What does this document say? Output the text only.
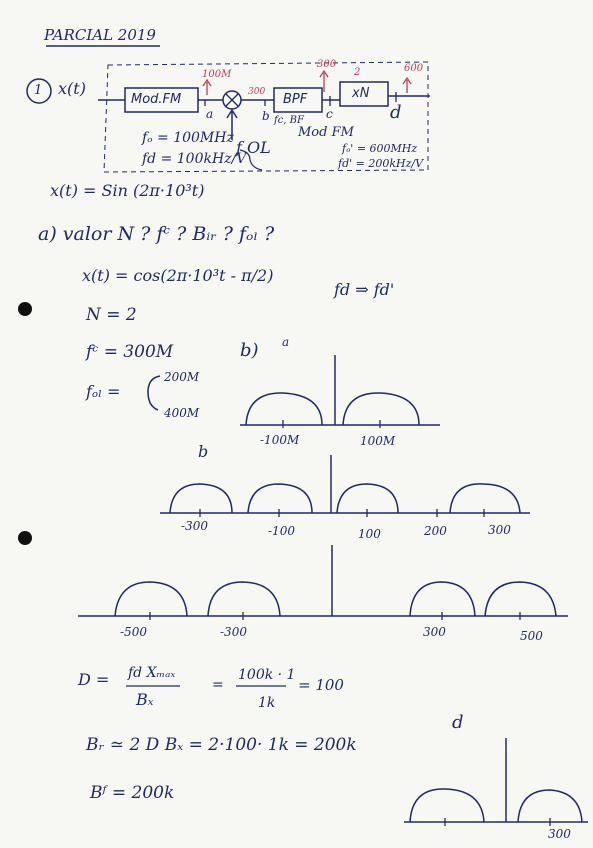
PARCIAL 2019
1 x(t)
Mod.FM	BPF	xN
a	b	c	d
100M
300
300
2	600
fc, BF
fₒ = 100MHz
fd = 100kHz/V
f OL
Mod FM
fₒ' = 600MHz
fd' = 200kHz/V
x(t) = Sin (2π·10³t)
a) valor N ? fᶜ ? Bᵢᵣ ? fₒₗ ?
x(t) = cos(2π·10³t - π/2)
fd ⇒ fd'
N = 2
fᶜ = 300M
fₒₗ =
200M
400M
b) a
-100M	100M
b
-300	-100	100	200	300
-500	-300	300	500
D = fd Xₘₐₓ
Bₓ
=
100k · 1
1k
= 100
Bᵣ ≃ 2 D Bₓ = 2·100· 1k = 200k
Bᶠ = 200k
d
300
